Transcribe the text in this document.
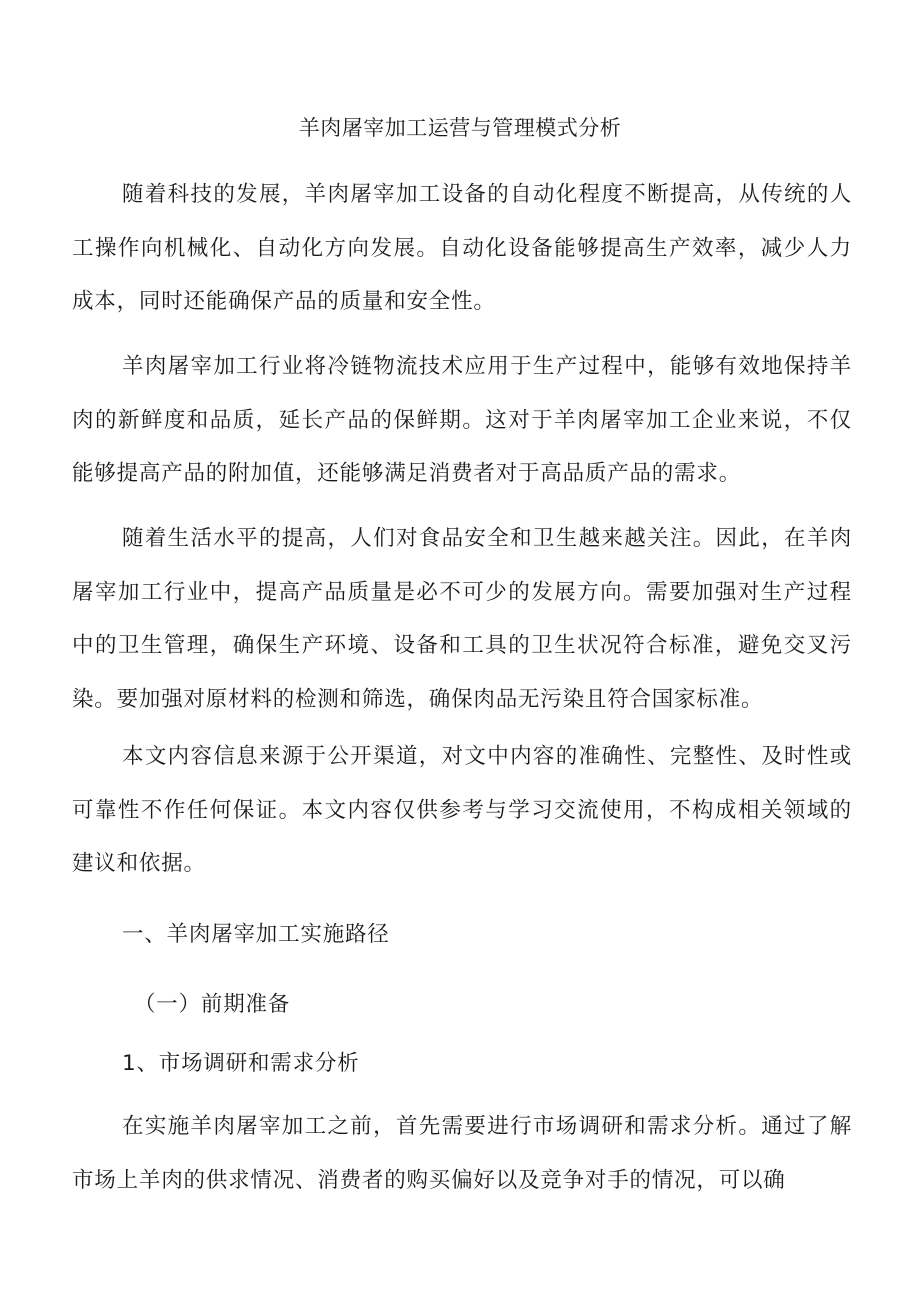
羊肉屠宰加工运营与管理模式分析

随着科技的发展，羊肉屠宰加工设备的自动化程度不断提高，从传统的人工操作向机械化、自动化方向发展。自动化设备能够提高生产效率，减少人力成本，同时还能确保产品的质量和安全性。

羊肉屠宰加工行业将冷链物流技术应用于生产过程中，能够有效地保持羊肉的新鲜度和品质，延长产品的保鲜期。这对于羊肉屠宰加工企业来说，不仅能够提高产品的附加值，还能够满足消费者对于高品质产品的需求。

随着生活水平的提高，人们对食品安全和卫生越来越关注。因此，在羊肉屠宰加工行业中，提高产品质量是必不可少的发展方向。需要加强对生产过程中的卫生管理，确保生产环境、设备和工具的卫生状况符合标准，避免交叉污染。要加强对原材料的检测和筛选，确保肉品无污染且符合国家标准。

本文内容信息来源于公开渠道，对文中内容的准确性、完整性、及时性或可靠性不作任何保证。本文内容仅供参考与学习交流使用，不构成相关领域的建议和依据。

一、羊肉屠宰加工实施路径
（一）前期准备
1、市场调研和需求分析

在实施羊肉屠宰加工之前，首先需要进行市场调研和需求分析。通过了解市场上羊肉的供求情况、消费者的购买偏好以及竞争对手的情况，可以确
